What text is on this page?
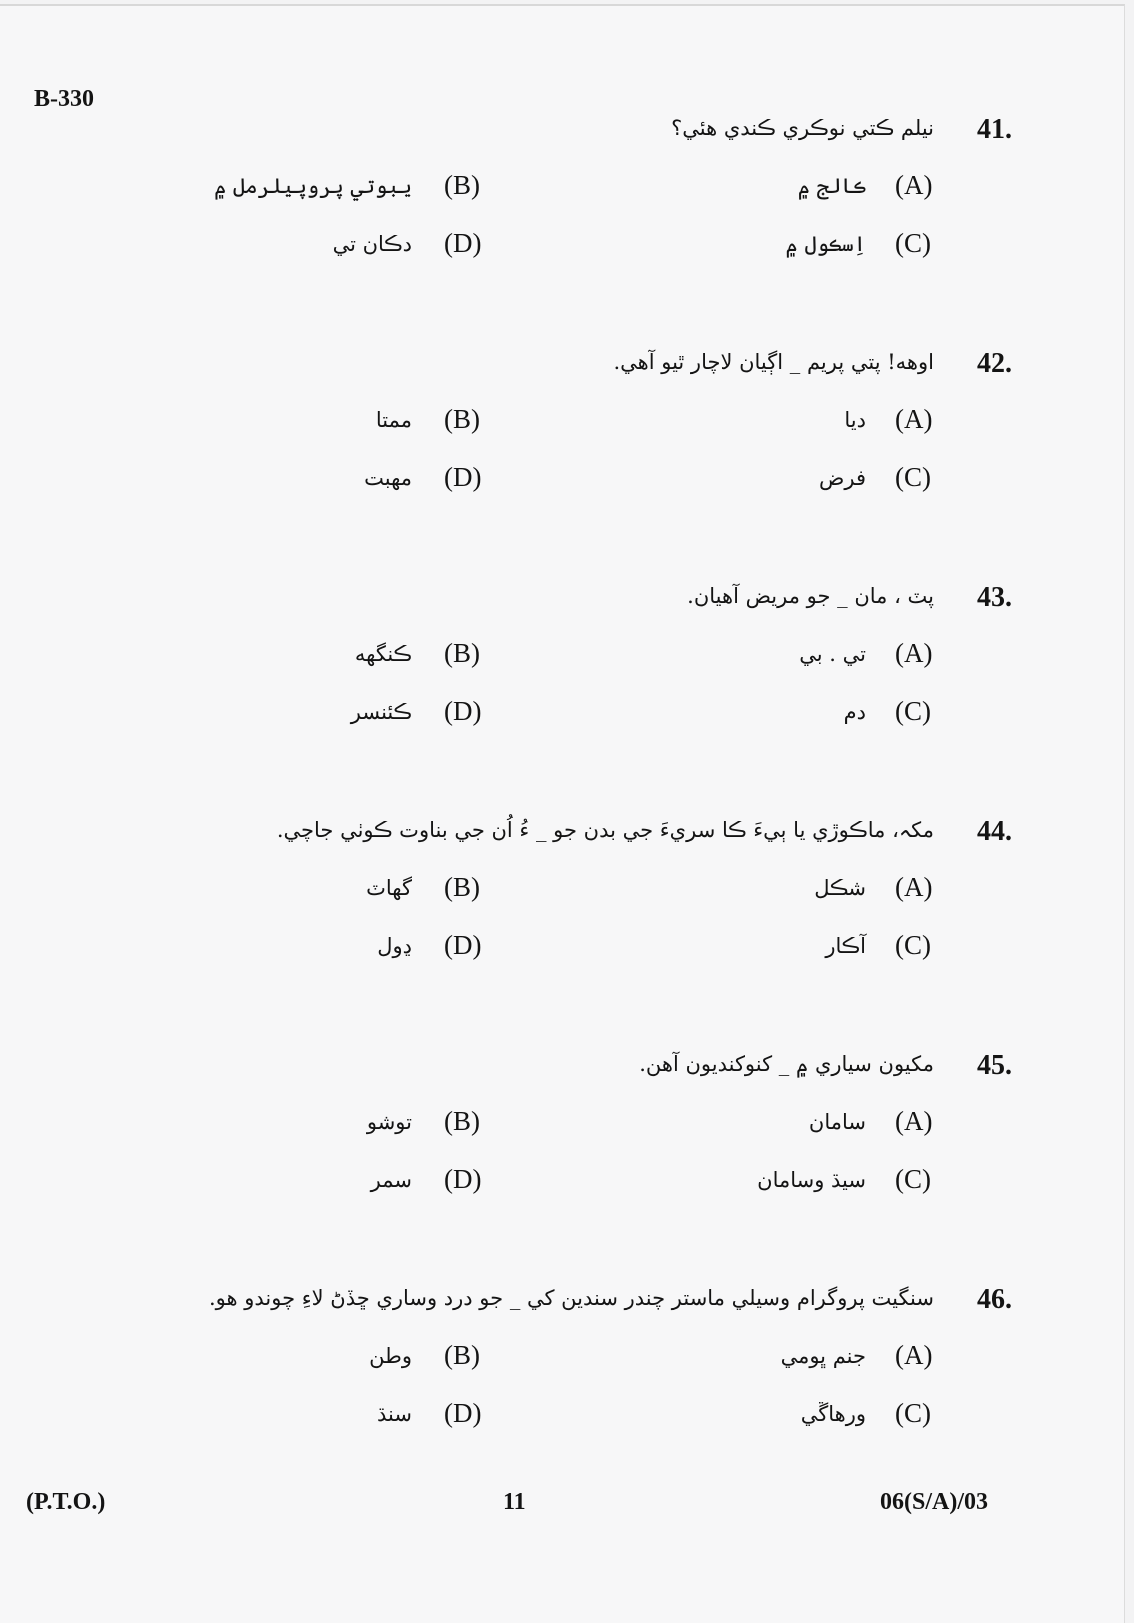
B-330
41.
نيلم ڪتي نوڪري ڪندي هئي؟
(A)
ڪالج ۾
(B)
يبوتي پروپيلرمل ۾
(C)
اِسڪول ۾
(D)
دڪان تي
42.
اوهه! پتي پريم _ اڳيان لاچار ٿيو آهي.
(A)
ديا
(B)
ممتا
(C)
فرض
(D)
مهبت
43.
پٽ ، مان _ جو مريض آهيان.
(A)
تي . بي
(B)
ڪنگهه
(C)
دم
(D)
ڪئنسر
44.
مکہ، ماڪوڙي يا ٻيءَ ڪا سريءَ جي بدن جو _ ءُ اُن جي بناوت ڪوٺي جاچي.
(A)
شڪل
(B)
گهاٽ
(C)
آڪار
(D)
ڍول
45.
مکيون سياري ۾ _ کنوکنديون آهن.
(A)
سامان
(B)
توشو
(C)
سيڌ وسامان
(D)
سمر
46.
سنگيت پروگرام وسيلي ماستر چندر سندين کي _ جو درد وساري ڇڏڻ لاءِ چوندو هو.
(A)
جنم ڀومي
(B)
وطن
(C)
ورهاڱي
(D)
سنڌ
(P.T.O.)	11	06(S/A)/03
